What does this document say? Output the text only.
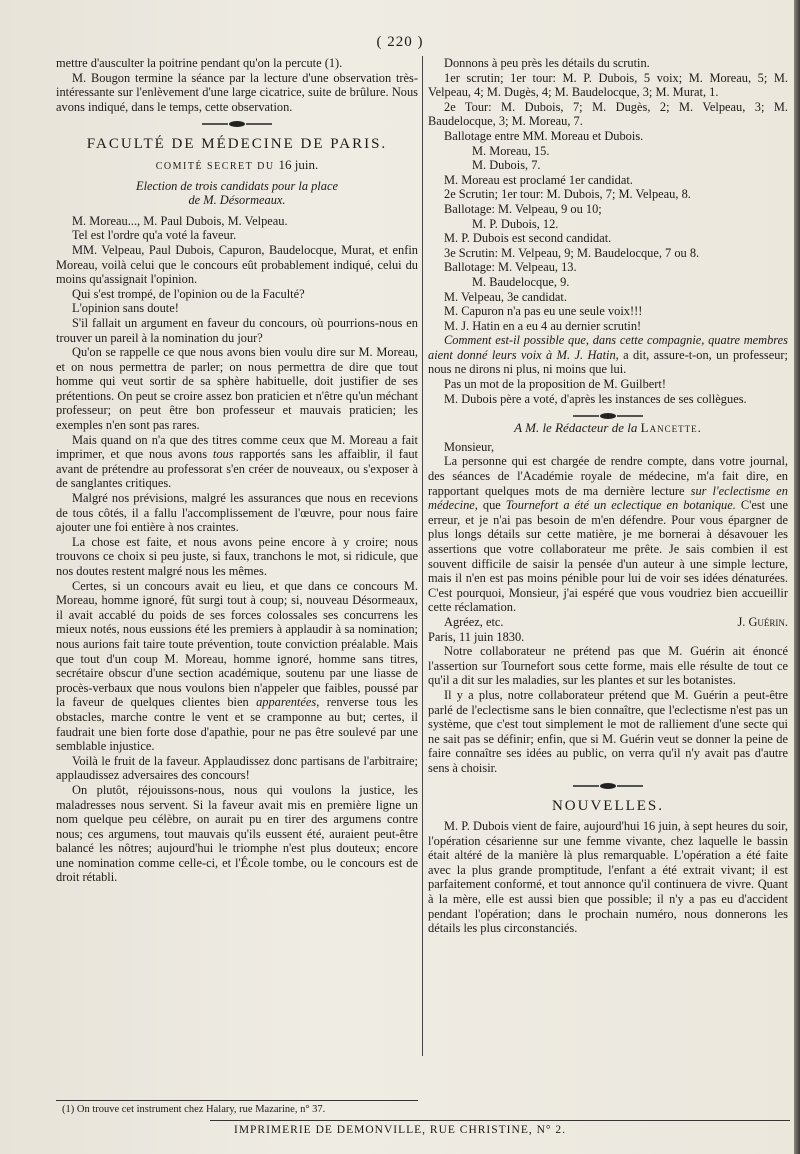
( 220 )

mettre d'ausculter la poitrine pendant qu'on la percute (1).

M. Bougon termine la séance par la lecture d'une observation très-intéressante sur l'enlèvement d'une large cicatrice, suite de brûlure. Nous avons indiqué, dans le temps, cette observation.

FACULTÉ DE MÉDECINE DE PARIS.
COMITÉ SECRET DU 16 juin.
Election de trois candidats pour la place
de M. Désormeaux.

M. Moreau..., M. Paul Dubois, M. Velpeau.

Tel est l'ordre qu'a voté la faveur.

MM. Velpeau, Paul Dubois, Capuron, Baudelocque, Murat, et enfin Moreau, voilà celui que le concours eût probablement indiqué, celui du moins qu'assignait l'opinion.

Qui s'est trompé, de l'opinion ou de la Faculté?

L'opinion sans doute!

S'il fallait un argument en faveur du concours, où pourrions-nous en trouver un pareil à la nomination du jour?

Qu'on se rappelle ce que nous avons bien voulu dire sur M. Moreau, et on nous permettra de parler; on nous permettra de dire que tout homme qui veut sortir de sa sphère habituelle, doit justifier de ses prétentions. On peut se croire assez bon praticien et n'être qu'un méchant professeur; on peut être bon professeur et mauvais praticien; les exemples n'en sont pas rares.

Mais quand on n'a que des titres comme ceux que M. Moreau a fait imprimer, et que nous avons tous rapportés sans les affaiblir, il faut avant de prétendre au professorat s'en créer de nouveaux, ou s'exposer à de sanglantes critiques.

Malgré nos prévisions, malgré les assurances que nous en recevions de tous côtés, il a fallu l'accomplissement de l'œuvre, pour nous faire ajouter une foi entière à nos craintes.

La chose est faite, et nous avons peine encore à y croire; nous trouvons ce choix si peu juste, si faux, tranchons le mot, si ridicule, que nos doutes restent malgré nous les mêmes.

Certes, si un concours avait eu lieu, et que dans ce concours M. Moreau, homme ignoré, fût surgi tout à coup; si, nouveau Désormeaux, il avait accablé du poids de ses forces colossales ses concurrens les mieux notés, nous eussions été les premiers à applaudir à sa nomination; nous aurions fait taire toute prévention, toute conviction préalable. Mais que tout d'un coup M. Moreau, homme ignoré, homme sans titres, secrétaire obscur d'une section académique, soutenu par une liasse de procès-verbaux que nous voulons bien n'appeler que faibles, poussé par la faveur de quelques clientes bien apparentées, renverse tous les obstacles, marche contre le vent et se cramponne au but; certes, il faudrait une bien forte dose d'apathie, pour ne pas être soulevé par une semblable injustice.

Voilà le fruit de la faveur. Applaudissez donc partisans de l'arbitraire; applaudissez adversaires des concours!

On plutôt, réjouissons-nous, nous qui voulons la justice, les maladresses nous servent. Si la faveur avait mis en première ligne un nom quelque peu célèbre, on aurait pu en tirer des argumens contre nous; ces argumens, tout mauvais qu'ils eussent été, auraient peut-être balancé les nôtres; aujourd'hui le triomphe n'est plus douteux; encore une nomination comme celle-ci, et l'École tombe, ou le concours est de droit rétabli.

Donnons à peu près les détails du scrutin.

1er scrutin; 1er tour: M. P. Dubois, 5 voix; M. Moreau, 5; M. Velpeau, 4; M. Dugès, 4; M. Baudelocque, 3; M. Murat, 1.

2e Tour: M. Dubois, 7; M. Dugès, 2; M. Velpeau, 3; M. Baudelocque, 3; M. Moreau, 7.

Ballotage entre MM. Moreau et Dubois.

M. Moreau, 15.

M. Dubois, 7.

M. Moreau est proclamé 1er candidat.

2e Scrutin; 1er tour: M. Dubois, 7; M. Velpeau, 8.

Ballotage: M. Velpeau, 9 ou 10;

M. P. Dubois, 12.

M. P. Dubois est second candidat.

3e Scrutin: M. Velpeau, 9; M. Baudelocque, 7 ou 8.

Ballotage: M. Velpeau, 13.

M. Baudelocque, 9.

M. Velpeau, 3e candidat.

M. Capuron n'a pas eu une seule voix!!!

M. J. Hatin en a eu 4 au dernier scrutin!

Comment est-il possible que, dans cette compagnie, quatre membres aient donné leurs voix à M. J. Hatin, a dit, assure-t-on, un professeur; nous ne dirons ni plus, ni moins que lui.

Pas un mot de la proposition de M. Guilbert!

M. Dubois père a voté, d'après les instances de ses collègues.

A M. le Rédacteur de la Lancette.

Monsieur,

La personne qui est chargée de rendre compte, dans votre journal, des séances de l'Académie royale de médecine, m'a fait dire, en rapportant quelques mots de ma dernière lecture sur l'eclectisme en médecine, que Tournefort a été un eclectique en botanique. C'est une erreur, et je n'ai pas besoin de m'en défendre. Pour vous épargner de plus longs détails sur cette matière, je me bornerai à désavouer les assertions que votre collaborateur me prête. Je sais combien il est souvent difficile de saisir la pensée d'un auteur à une simple lecture, mais il n'en est pas moins pénible pour lui de voir ses idées dénaturées. C'est pourquoi, Monsieur, j'ai espéré que vous voudriez bien accueillir cette réclamation.

Agréez, etc.	J. Guérin.

Paris, 11 juin 1830.

Notre collaborateur ne prétend pas que M. Guérin ait énoncé l'assertion sur Tournefort sous cette forme, mais elle résulte de tout ce qu'il a dit sur les maladies, sur les plantes et sur les botanistes.

Il y a plus, notre collaborateur prétend que M. Guérin a peut-être parlé de l'eclectisme sans le bien connaître, que l'eclectisme n'est pas un système, que c'est tout simplement le mot de ralliement d'une secte qui ne sait pas se définir; enfin, que si M. Guérin veut se donner la peine de faire connaître ses idées au public, on verra qu'il n'y avait pas d'autre sens à choisir.

NOUVELLES.

M. P. Dubois vient de faire, aujourd'hui 16 juin, à sept heures du soir, l'opération césarienne sur une femme vivante, chez laquelle le bassin était altéré de la manière là plus remarquable. L'opération a été faite avec la plus grande promptitude, l'enfant a été extrait vivant; il est parfaitement conformé, et tout annonce qu'il continuera de vivre. Quant à la mère, elle est aussi bien que possible; il n'y a pas eu d'accident pendant l'opération; dans le prochain numéro, nous donnerons les détails les plus circonstanciés.

(1) On trouve cet instrument chez Halary, rue Mazarine, n° 37.
IMPRIMERIE DE DEMONVILLE, RUE CHRISTINE, N° 2.
